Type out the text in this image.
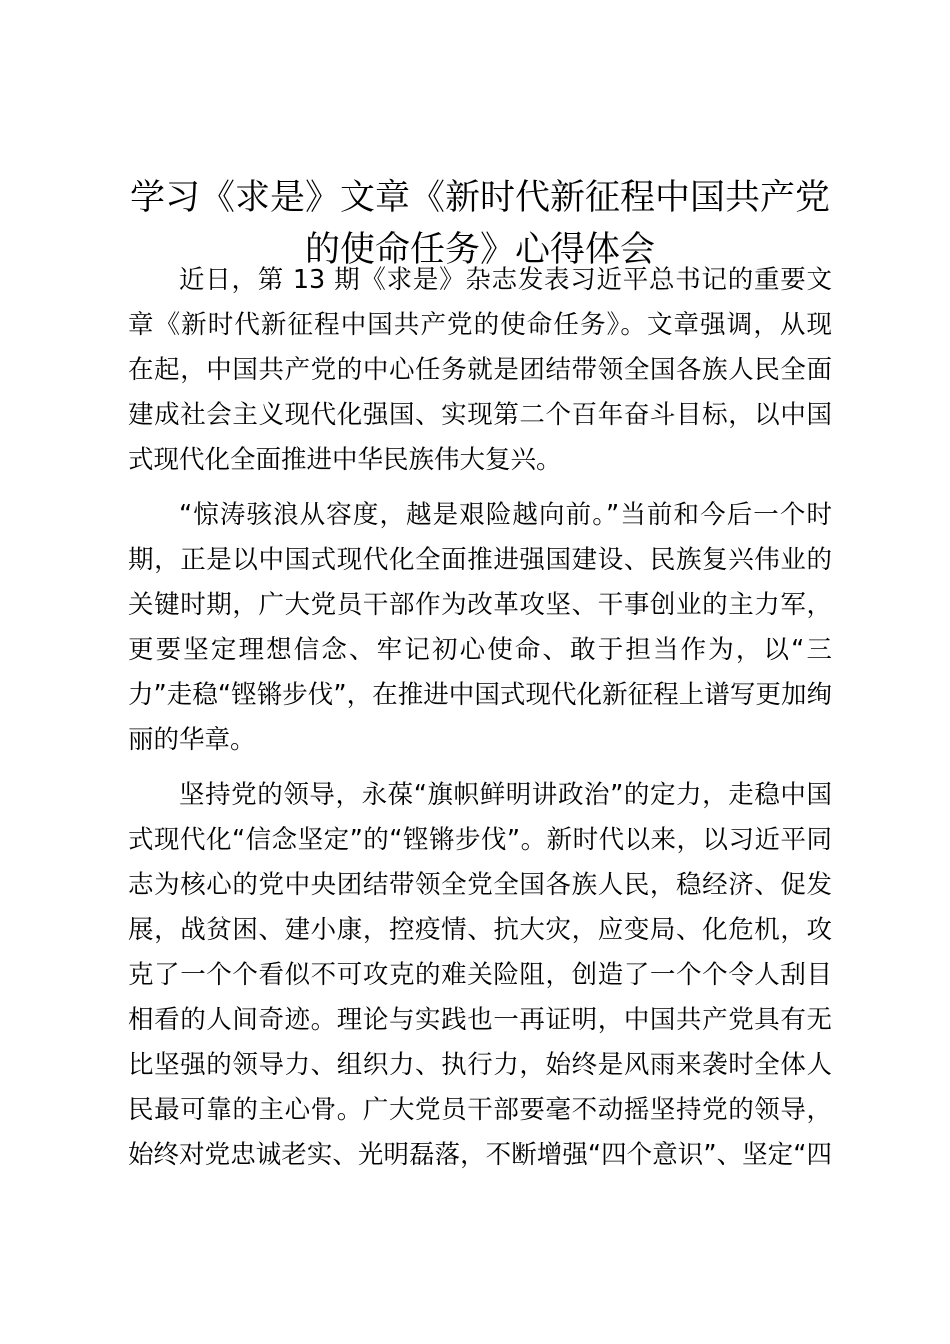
学习《求是》文章《新时代新征程中国共产党
的使命任务》心得体会
近日，第 13 期《求是》杂志发表习近平总书记的重要文
章《新时代新征程中国共产党的使命任务》。文章强调，从现
在起，中国共产党的中心任务就是团结带领全国各族人民全面
建成社会主义现代化强国、实现第二个百年奋斗目标，以中国
式现代化全面推进中华民族伟大复兴。
“惊涛骇浪从容度，越是艰险越向前。”当前和今后一个时
期，正是以中国式现代化全面推进强国建设、民族复兴伟业的
关键时期，广大党员干部作为改革攻坚、干事创业的主力军，
更要坚定理想信念、牢记初心使命、敢于担当作为，以“三
力”走稳“铿锵步伐”，在推进中国式现代化新征程上谱写更加绚
丽的华章。
坚持党的领导，永葆“旗帜鲜明讲政治”的定力，走稳中国
式现代化“信念坚定”的“铿锵步伐”。新时代以来，以习近平同
志为核心的党中央团结带领全党全国各族人民，稳经济、促发
展，战贫困、建小康，控疫情、抗大灾，应变局、化危机，攻
克了一个个看似不可攻克的难关险阻，创造了一个个令人刮目
相看的人间奇迹。理论与实践也一再证明，中国共产党具有无
比坚强的领导力、组织力、执行力，始终是风雨来袭时全体人
民最可靠的主心骨。广大党员干部要毫不动摇坚持党的领导，
始终对党忠诚老实、光明磊落，不断增强“四个意识”、坚定“四
